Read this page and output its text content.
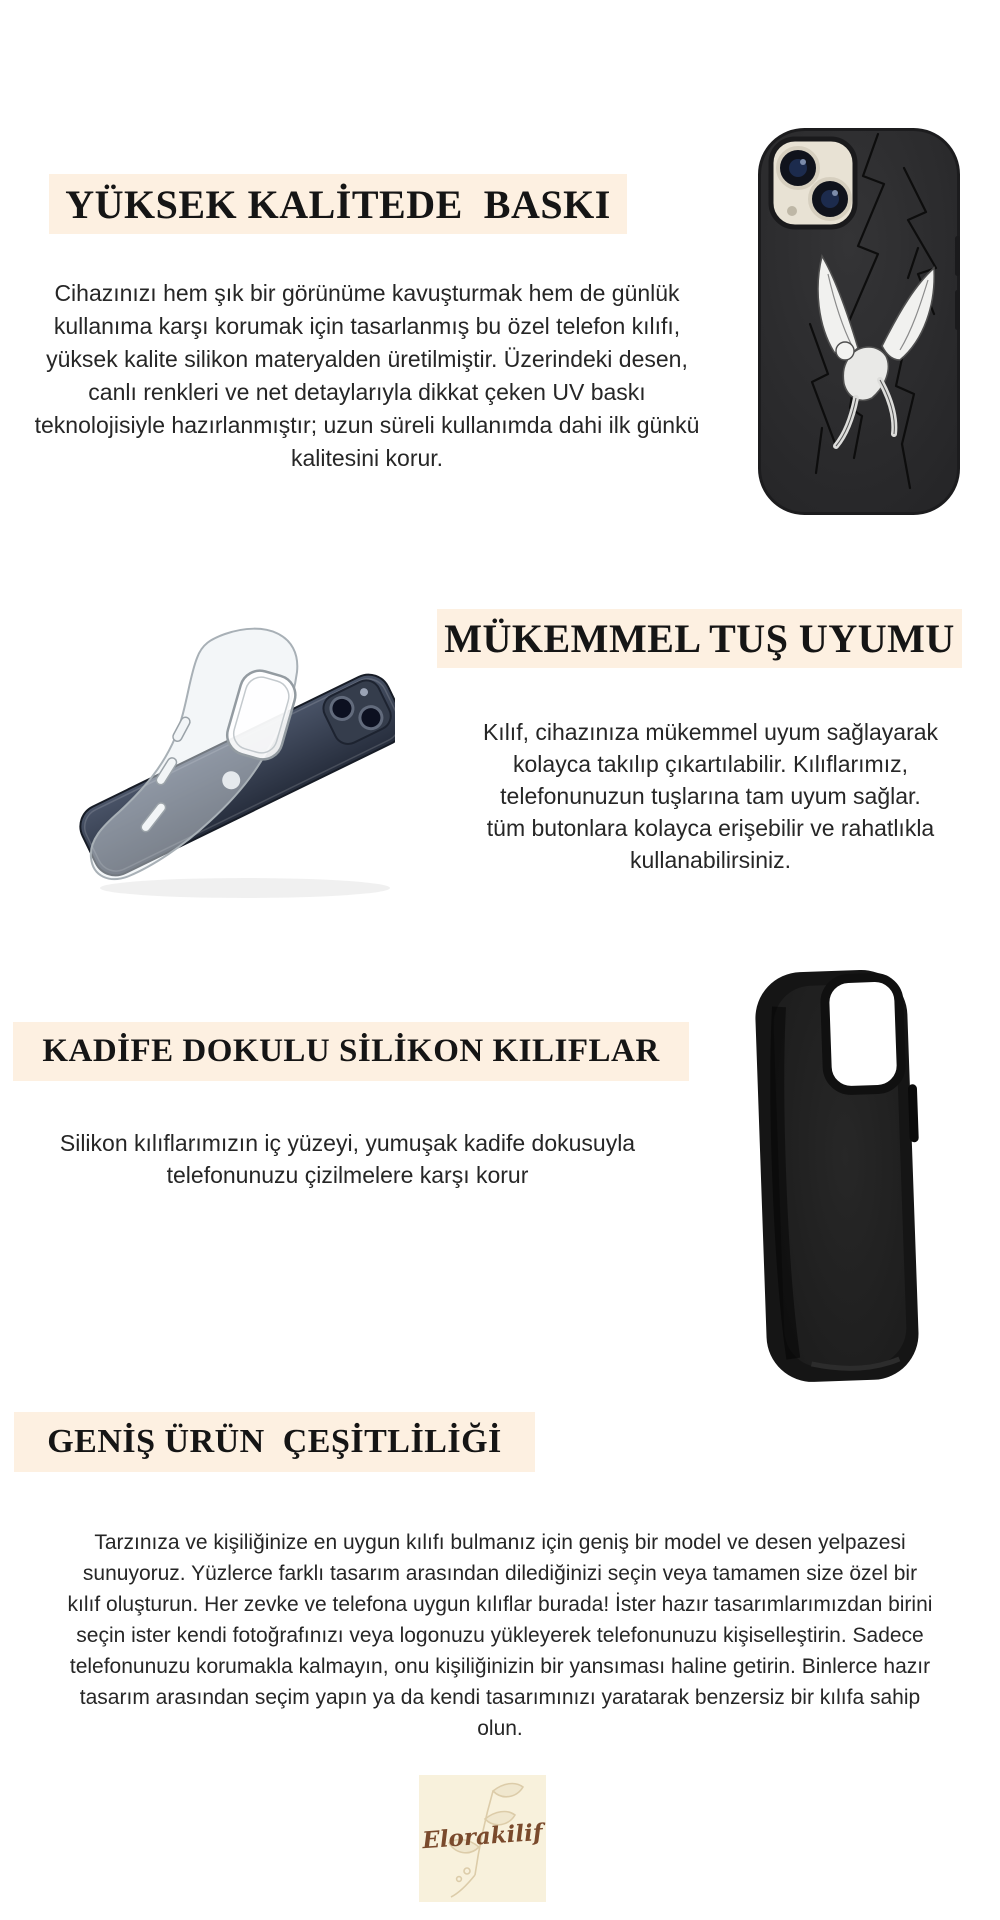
YÜKSEK KALİTEDE  BASKI
Cihazınızı hem şık bir görünüme kavuşturmak hem de günlük
kullanıma karşı korumak için tasarlanmış bu özel telefon kılıfı,
yüksek kalite silikon materyalden üretilmiştir. Üzerindeki desen,
canlı renkleri ve net detaylarıyla dikkat çeken UV baskı
teknolojisiyle hazırlanmıştır; uzun süreli kullanımda dahi ilk günkü
kalitesini korur.
MÜKEMMEL TUŞ UYUMU
Kılıf, cihazınıza mükemmel uyum sağlayarak
kolayca takılıp çıkartılabilir. Kılıflarımız,
telefonunuzun tuşlarına tam uyum sağlar.
tüm butonlara kolayca erişebilir ve rahatlıkla
kullanabilirsiniz.
KADİFE DOKULU SİLİKON KILIFLAR
Silikon kılıflarımızın iç yüzeyi, yumuşak kadife dokusuyla
telefonunuzu çizilmelere karşı korur
GENİŞ ÜRÜN  ÇEŞİTLİLİĞİ
Tarzınıza ve kişiliğinize en uygun kılıfı bulmanız için geniş bir model ve desen yelpazesi
sunuyoruz. Yüzlerce farklı tasarım arasından dilediğinizi seçin veya tamamen size özel bir
kılıf oluşturun. Her zevke ve telefona uygun kılıflar burada! İster hazır tasarımlarımızdan birini
seçin ister kendi fotoğrafınızı veya logonuzu yükleyerek telefonunuzu kişiselleştirin. Sadece
telefonunuzu korumakla kalmayın, onu kişiliğinizin bir yansıması haline getirin. Binlerce hazır
tasarım arasından seçim yapın ya da kendi tasarımınızı yaratarak benzersiz bir kılıfa sahip
olun.
Elorakilif
